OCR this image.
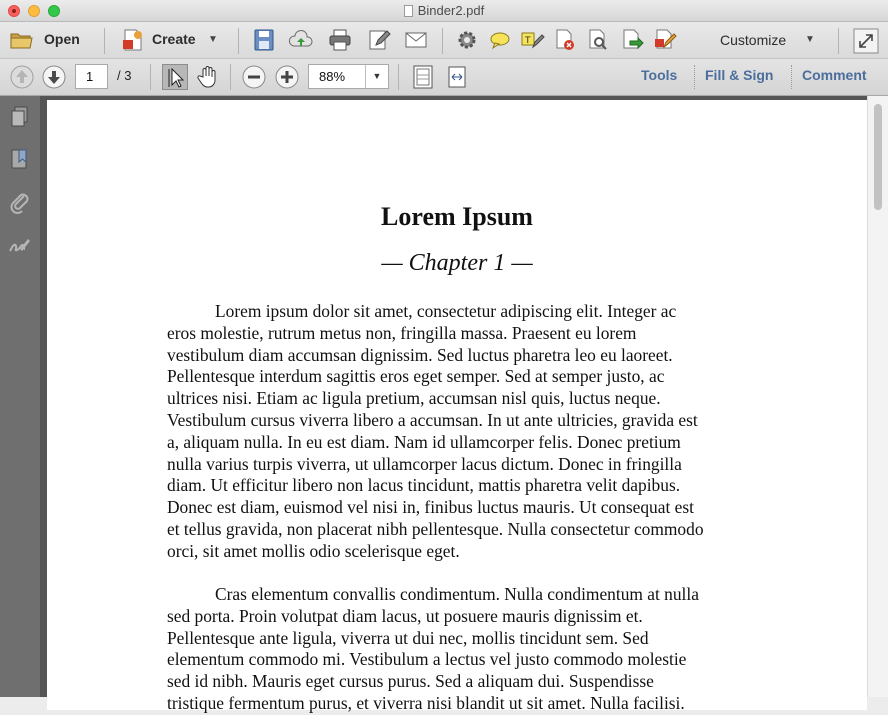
Binder2.pdf
Open	Create ▼	T	Customize ▼
1	/ 3	88%	▼	Tools Fill & Sign Comment
Lorem Ipsum
— Chapter 1 —
Lorem ipsum dolor sit amet, consectetur adipiscing elit. Integer ac
eros molestie, rutrum metus non, fringilla massa. Praesent eu lorem
vestibulum diam accumsan dignissim. Sed luctus pharetra leo eu laoreet.
Pellentesque interdum sagittis eros eget semper. Sed at semper justo, ac
ultrices nisi. Etiam ac ligula pretium, accumsan nisl quis, luctus neque.
Vestibulum cursus viverra libero a accumsan. In ut ante ultricies, gravida est
a, aliquam nulla. In eu est diam. Nam id ullamcorper felis. Donec pretium
nulla varius turpis viverra, ut ullamcorper lacus dictum. Donec in fringilla
diam. Ut efficitur libero non lacus tincidunt, mattis pharetra velit dapibus.
Donec est diam, euismod vel nisi in, finibus luctus mauris. Ut consequat est
et tellus gravida, non placerat nibh pellentesque. Nulla consectetur commodo
orci, sit amet mollis odio scelerisque eget.
Cras elementum convallis condimentum. Nulla condimentum at nulla
sed porta. Proin volutpat diam lacus, ut posuere mauris dignissim et.
Pellentesque ante ligula, viverra ut dui nec, mollis tincidunt sem. Sed
elementum commodo mi. Vestibulum a lectus vel justo commodo molestie
sed id nibh. Mauris eget cursus purus. Sed a aliquam dui. Suspendisse
tristique fermentum purus, et viverra nisi blandit ut sit amet. Nulla facilisi.
